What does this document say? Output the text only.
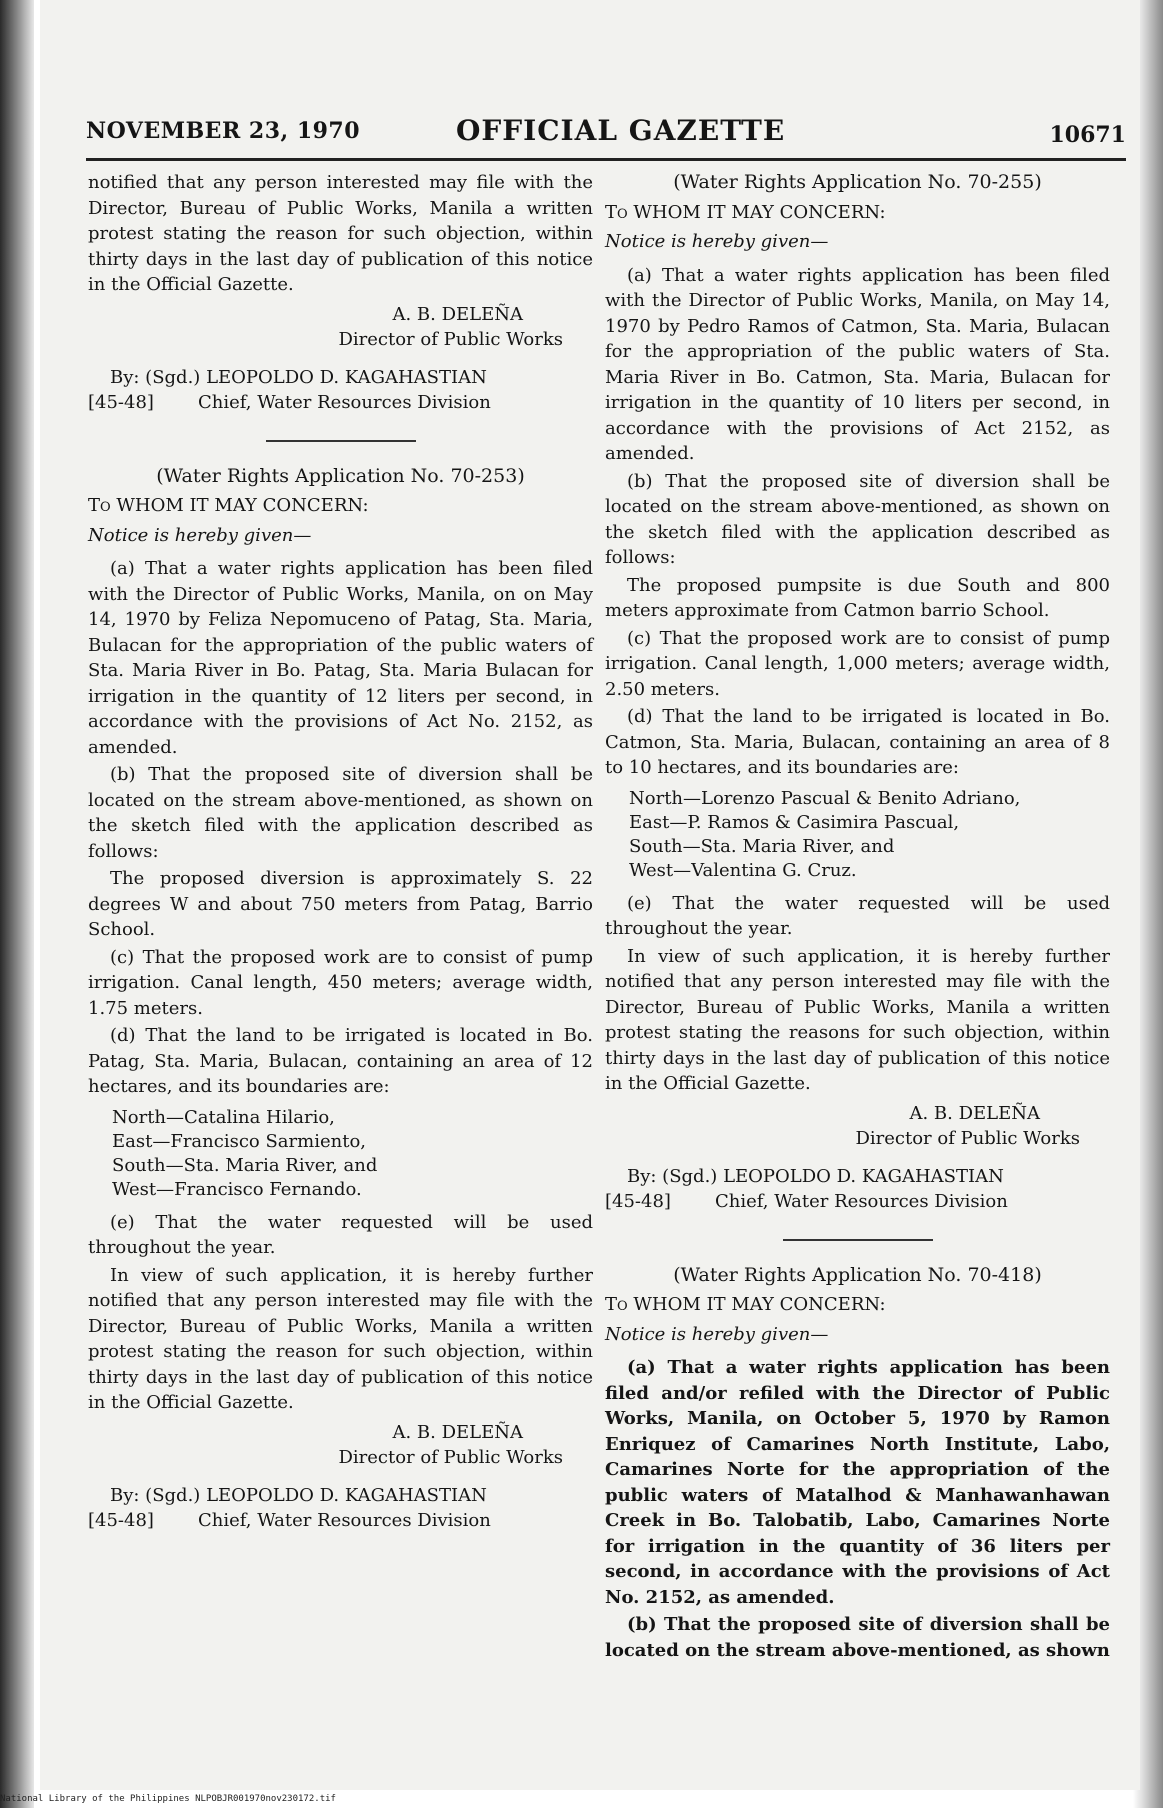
NOVEMBER 23, 1970	OFFICIAL GAZETTE	10671

notified that any person interested may file with the Director, Bureau of Public Works, Manila a written protest stating the reason for such objection, within thirty days in the last day of publication of this notice in the Official Gazette.

A. B. DELEÑA
Director of Public Works
By: (Sgd.) LEOPOLDO D. KAGAHASTIAN
[45-48]	Chief, Water Resources Division
(Water Rights Application No. 70-253)
To WHOM IT MAY CONCERN:
Notice is hereby given—

(a) That a water rights application has been filed with the Director of Public Works, Manila, on on May 14, 1970 by Feliza Nepomuceno of Patag, Sta. Maria, Bulacan for the appropriation of the public waters of Sta. Maria River in Bo. Patag, Sta. Maria Bulacan for irrigation in the quantity of 12 liters per second, in accordance with the provisions of Act No. 2152, as amended.

(b) That the proposed site of diversion shall be located on the stream above-mentioned, as shown on the sketch filed with the application described as follows:

The proposed diversion is approximately S. 22 degrees W and about 750 meters from Patag, Barrio School.

(c) That the proposed work are to consist of pump irrigation. Canal length, 450 meters; average width, 1.75 meters.

(d) That the land to be irrigated is located in Bo. Patag, Sta. Maria, Bulacan, containing an area of 12 hectares, and its boundaries are:

North—Catalina Hilario,
East—Francisco Sarmiento,
South—Sta. Maria River, and
West—Francisco Fernando.

(e) That the water requested will be used throughout the year.

In view of such application, it is hereby further notified that any person interested may file with the Director, Bureau of Public Works, Manila a written protest stating the reason for such objection, within thirty days in the last day of publication of this notice in the Official Gazette.

A. B. DELEÑA
Director of Public Works
By: (Sgd.) LEOPOLDO D. KAGAHASTIAN
[45-48]	Chief, Water Resources Division
(Water Rights Application No. 70-255)
To WHOM IT MAY CONCERN:
Notice is hereby given—

(a) That a water rights application has been filed with the Director of Public Works, Manila, on May 14, 1970 by Pedro Ramos of Catmon, Sta. Maria, Bulacan for the appropriation of the public waters of Sta. Maria River in Bo. Catmon, Sta. Maria, Bulacan for irrigation in the quantity of 10 liters per second, in accordance with the provisions of Act 2152, as amended.

(b) That the proposed site of diversion shall be located on the stream above-mentioned, as shown on the sketch filed with the application described as follows:

The proposed pumpsite is due South and 800 meters approximate from Catmon barrio School.

(c) That the proposed work are to consist of pump irrigation. Canal length, 1,000 meters; average width, 2.50 meters.

(d) That the land to be irrigated is located in Bo. Catmon, Sta. Maria, Bulacan, containing an area of 8 to 10 hectares, and its boundaries are:

North—Lorenzo Pascual & Benito Adriano,
East—P. Ramos & Casimira Pascual,
South—Sta. Maria River, and
West—Valentina G. Cruz.

(e) That the water requested will be used throughout the year.

In view of such application, it is hereby further notified that any person interested may file with the Director, Bureau of Public Works, Manila a written protest stating the reasons for such objection, within thirty days in the last day of publication of this notice in the Official Gazette.

A. B. DELEÑA
Director of Public Works
By: (Sgd.) LEOPOLDO D. KAGAHASTIAN
[45-48]	Chief, Water Resources Division
(Water Rights Application No. 70-418)
To WHOM IT MAY CONCERN:
Notice is hereby given—

(a) That a water rights application has been filed and/or refiled with the Director of Public Works, Manila, on October 5, 1970 by Ramon Enriquez of Camarines North Institute, Labo, Camarines Norte for the appropriation of the public waters of Matalhod & Manhawanhawan Creek in Bo. Talobatib, Labo, Camarines Norte for irrigation in the quantity of 36 liters per second, in accordance with the provisions of Act No. 2152, as amended.

(b) That the proposed site of diversion shall be located on the stream above-mentioned, as shown

National Library of the Philippines NLPOBJR001970nov230172.tif
